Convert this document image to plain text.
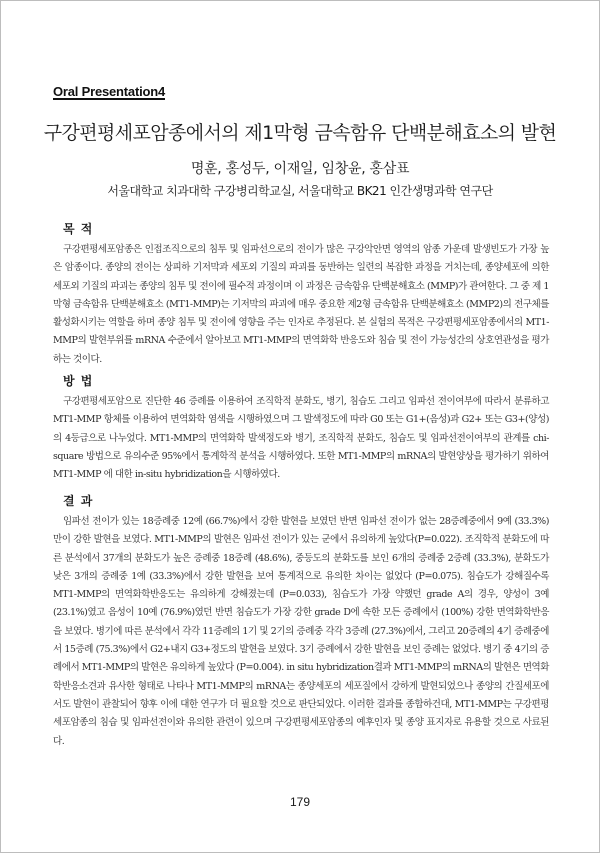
Oral Presentation4
구강편평세포암종에서의 제1막형 금속함유 단백분해효소의 발현
명훈, 홍성두, 이재일, 임창윤, 홍삼표
서울대학교 치과대학 구강병리학교실, 서울대학교 BK21 인간생명과학 연구단
목 적
구강편평세포암종은 인접조직으로의 침투 및 임파선으로의 전이가 많은 구강악안면 영역의 암종 가운데 발생빈도가 가장 높은 암종이다. 종양의 전이는 상피하 기저막과 세포외 기질의 파괴를 동반하는 일련의 복잡한 과정을 거치는데, 종양세포에 의한 세포외 기질의 파괴는 종양의 침투 및 전이에 필수적 과정이며 이 과정은 금속함유 단백분해효소 (MMP)가 관여한다. 그 중 제 1 막형 금속함유 단백분해효소 (MT1-MMP)는 기저막의 파괴에 매우 중요한 제2형 금속함유 단백분해효소 (MMP2)의 전구체를 활성화시키는 역할을 하며 종양 침투 및 전이에 영향을 주는 인자로 추정된다. 본 실험의 목적은 구강편평세포암종에서의 MT1-MMP의 발현부위를 mRNA 수준에서 알아보고 MT1-MMP의 면역화학 반응도와 침습 및 전이 가능성간의 상호연관성을 평가하는 것이다.
방 법
구강편평세포암으로 진단한 46 증례를 이용하여 조직학적 분화도, 병기, 침습도 그리고 임파선 전이여부에 따라서 분류하고 MT1-MMP 항체를 이용하여 면역화학 염색을 시행하였으며 그 발색정도에 따라 G0 또는 G1+(음성)과 G2+ 또는 G3+(양성)의 4등급으로 나누었다. MT1-MMP의 면역화학 발색정도와 병기, 조직학적 분화도, 침습도 및 임파선전이여부의 관계를 chi-square 방법으로 유의수준 95%에서 통계학적 분석을 시행하였다. 또한 MT1-MMP의 mRNA의 발현양상을 평가하기 위하여 MT1-MMP 에 대한 in-situ hybridization을 시행하였다.
결 과
임파선 전이가 있는 18증례중 12예 (66.7%)에서 강한 발현을 보였던 반면 임파선 전이가 없는 28증례중에서 9예 (33.3%)만이 강한 발현을 보였다. MT1-MMP의 발현은 임파선 전이가 있는 군에서 유의하게 높았다(P=0.022). 조직학적 분화도에 따른 분석에서 37개의 분화도가 높은 증례중 18증례 (48.6%), 중등도의 분화도를 보인 6개의 증례중 2증례 (33.3%), 분화도가 낮은 3개의 증례중 1예 (33.3%)에서 강한 발현을 보여 통계적으로 유의한 차이는 없었다 (P=0.075). 침습도가 강해질수록 MT1-MMP의 면역화학반응도는 유의하게 강해졌는데 (P=0.033), 침습도가 가장 약했던 grade A의 경우, 양성이 3예 (23.1%)였고 음성이 10예 (76.9%)였던 반면 침습도가 가장 강한 grade D에 속한 모든 증례에서 (100%) 강한 면역화학반응을 보였다. 병기에 따른 분석에서 각각 11증례의 1기 및 2기의 증례중 각각 3증례 (27.3%)에서, 그리고 20증례의 4기 증례중에서 15증례 (75.3%)에서 G2+내지 G3+정도의 발현을 보였다. 3기 증례에서 강한 발현을 보인 증례는 없었다. 병기 중 4기의 증례에서 MT1-MMP의 발현은 유의하게 높았다 (P=0.004). in situ hybridization결과 MT1-MMP의 mRNA의 발현은 면역화학반응소견과 유사한 형태로 나타나 MT1-MMP의 mRNA는 종양세포의 세포질에서 강하게 발현되었으나 종양의 간질세포에서도 발현이 관찰되어 향후 이에 대한 연구가 더 필요할 것으로 판단되었다. 이러한 결과를 종합하건대, MT1-MMP는 구강편평세포암종의 침습 및 임파선전이와 유의한 관련이 있으며 구강편평세포암종의 예후인자 및 종양 표지자로 유용할 것으로 사료된다.
179
